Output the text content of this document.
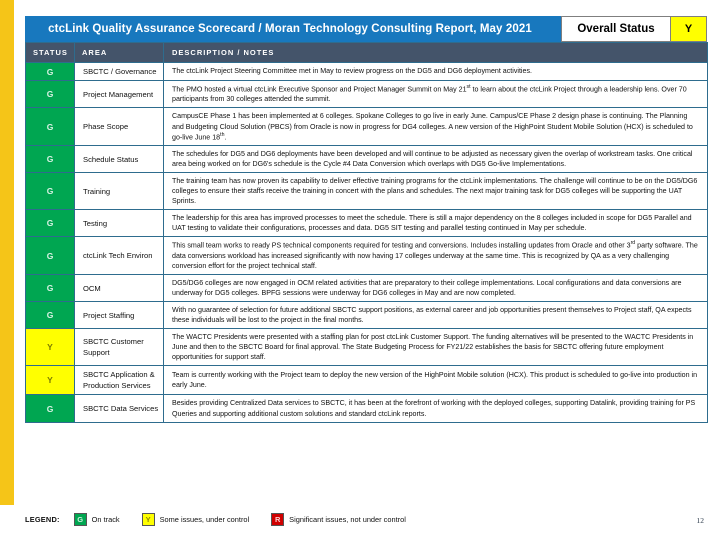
ctcLink Quality Assurance Scorecard / Moran Technology Consulting Report, May 2021	Overall Status	Y
STATUS	AREA	DESCRIPTION / NOTES
G	SBCTC / Governance	The ctcLink Project Steering Committee met in May to review progress on the DG5 and DG6 deployment activities.
G	Project Management	The PMO hosted a virtual ctcLink Executive Sponsor and Project Manager Summit on May 21st to learn about the ctcLink Project through a leadership lens. Over 70 participants from 30 colleges attended the summit.
G	Phase Scope	CampusCE Phase 1 has been implemented at 6 colleges. Spokane Colleges to go live in early June. Campus/CE Phase 2 design phase is continuing. The Planning and Budgeting Cloud Solution (PBCS) from Oracle is now in progress for DG4 colleges. A new version of the HighPoint Student Mobile Solution (HCX) is scheduled to go-live June 18th.
G	Schedule Status	The schedules for DG5 and DG6 deployments have been developed and will continue to be adjusted as necessary given the overlap of workstream tasks. One critical area being worked on for DG6's schedule is the Cycle #4 Data Conversion which overlaps with DG5 Go-live Implementations.
G	Training	The training team has now proven its capability to deliver effective training programs for the ctcLink implementations. The challenge will continue to be on the DG5/DG6 colleges to ensure their staffs receive the training in concert with the plans and schedules. The next major training task for DG5 colleges will be supporting the UAT Sprints.
G	Testing	The leadership for this area has improved processes to meet the schedule. There is still a major dependency on the 8 colleges included in scope for DG5 Parallel and UAT testing to validate their configurations, processes and data. DG5 SIT testing and parallel testing continued in May per schedule.
G	ctcLink Tech Environ	This small team works to ready PS technical components required for testing and conversions. Includes installing updates from Oracle and other 3rd party software. The data conversions workload has increased significantly with now having 17 colleges underway at the same time. This is recognized by QA as a very challenging conversion effort for the project technical staff.
G	OCM	DG5/DG6 colleges are now engaged in OCM related activities that are preparatory to their college implementations. Local configurations and data conversions are underway for DG5 colleges. BPFG sessions were underway for DG6 colleges in May and are now completed.
G	Project Staffing	With no guarantee of selection for future additional SBCTC support positions, as external career and job opportunities present themselves to Project staff, QA expects these individuals will be lost to the project in the final months.
Y	SBCTC Customer Support	The WACTC Presidents were presented with a staffing plan for post ctcLink Customer Support. The funding alternatives will be presented to the WACTC Presidents in June and then to the SBCTC Board for final approval. The State Budgeting Process for FY21/22 establishes the basis for SBCTC offering future employment opportunities for support staff.
Y	SBCTC Application & Production Services	Team is currently working with the Project team to deploy the new version of the HighPoint Mobile solution (HCX). This product is scheduled to go-live into production in early June.
G	SBCTC Data Services	Besides providing Centralized Data services to SBCTC, it has been at the forefront of working with the deployed colleges, supporting Datalink, providing training for PS Queries and supporting additional custom solutions and standard ctcLink reports.
LEGEND:	G	On track	Y	Some issues, under control	R	Significant issues, not under control	12
